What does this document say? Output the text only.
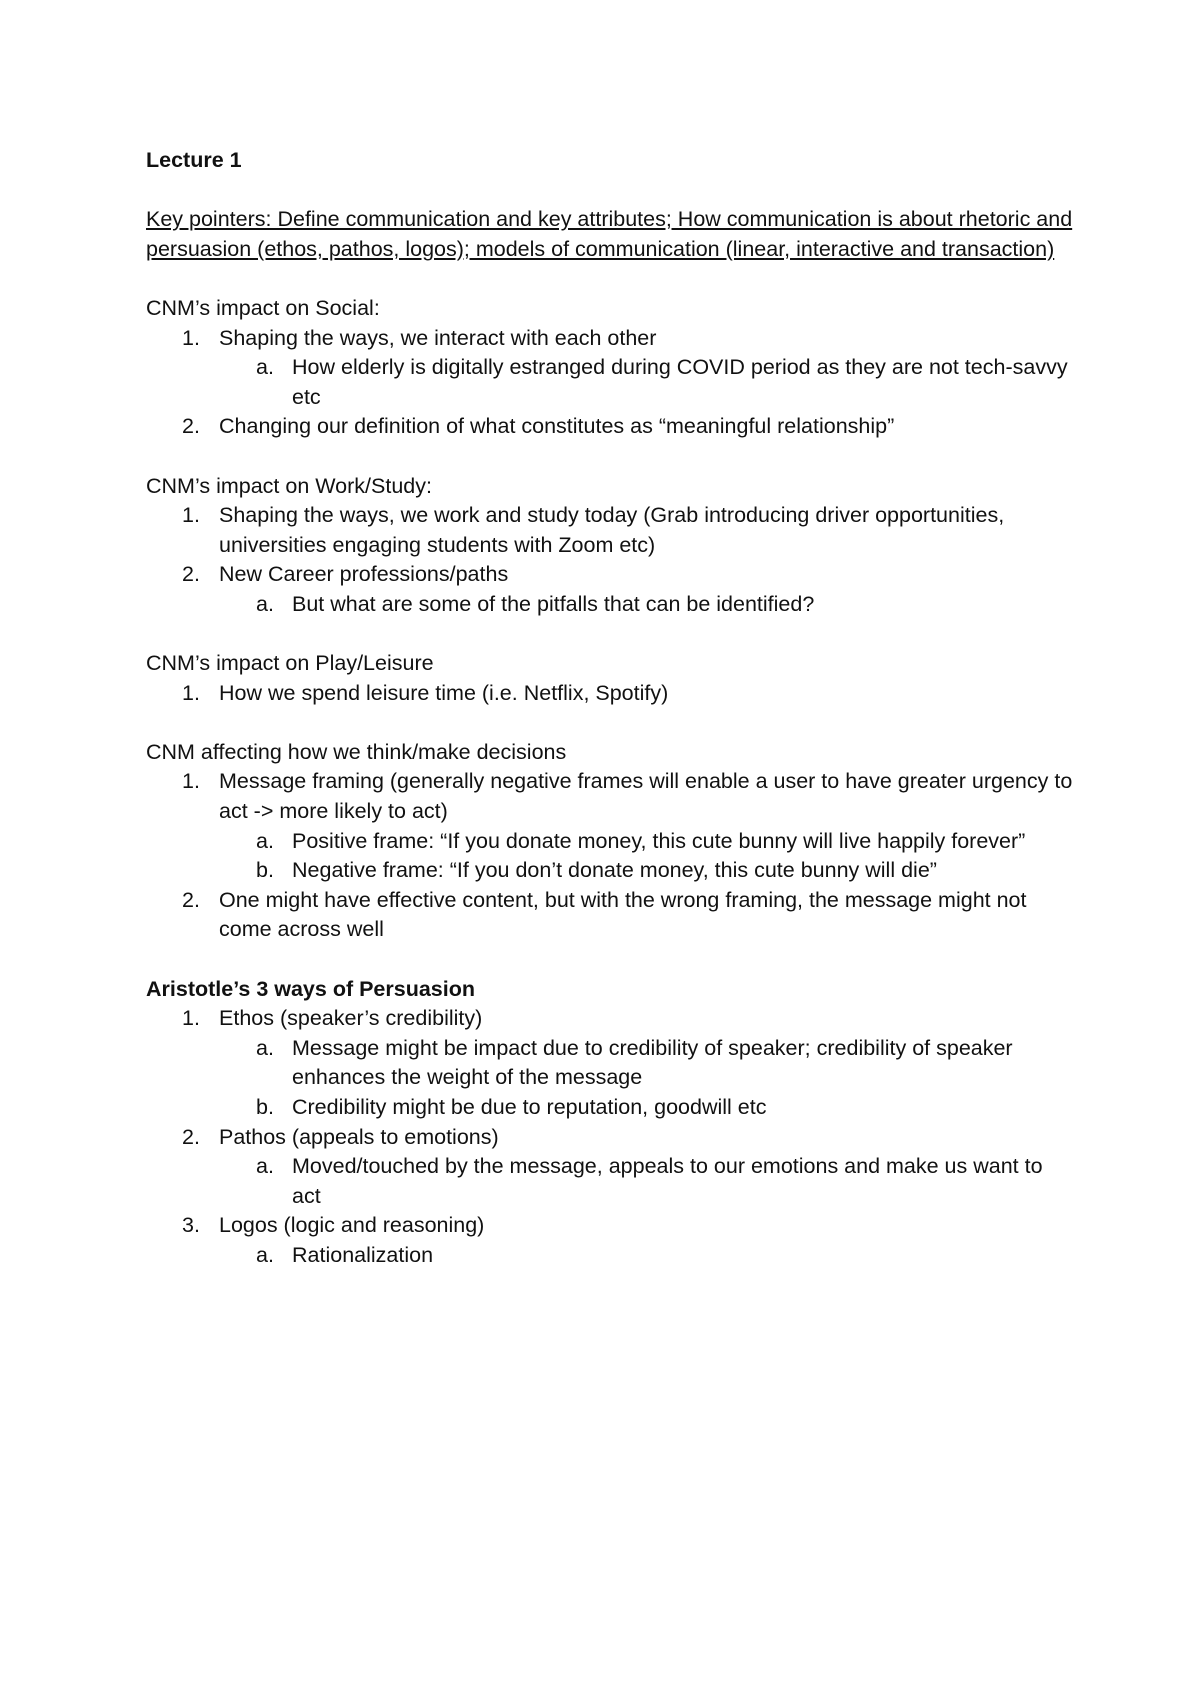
Lecture 1

Key pointers: Define communication and key attributes; How communication is about rhetoric and persuasion (ethos, pathos, logos); models of communication (linear, interactive and transaction)

CNM’s impact on Social:

1. Shaping the ways, we interact with each other
a. How elderly is digitally estranged during COVID period as they are not tech-savvy etc
2. Changing our definition of what constitutes as “meaningful relationship”

CNM’s impact on Work/Study:

1. Shaping the ways, we work and study today (Grab introducing driver opportunities, universities engaging students with Zoom etc)
2. New Career professions/paths
a. But what are some of the pitfalls that can be identified?

CNM’s impact on Play/Leisure

1. How we spend leisure time (i.e. Netflix, Spotify)

CNM affecting how we think/make decisions

1. Message framing (generally negative frames will enable a user to have greater urgency to act -> more likely to act)
a. Positive frame: “If you donate money, this cute bunny will live happily forever”
b. Negative frame: “If you don’t donate money, this cute bunny will die”
2. One might have effective content, but with the wrong framing, the message might not come across well

Aristotle’s 3 ways of Persuasion

1. Ethos (speaker’s credibility)
a. Message might be impact due to credibility of speaker; credibility of speaker enhances the weight of the message
b. Credibility might be due to reputation, goodwill etc
2. Pathos (appeals to emotions)
a. Moved/touched by the message, appeals to our emotions and make us want to act
3. Logos (logic and reasoning)
a. Rationalization
